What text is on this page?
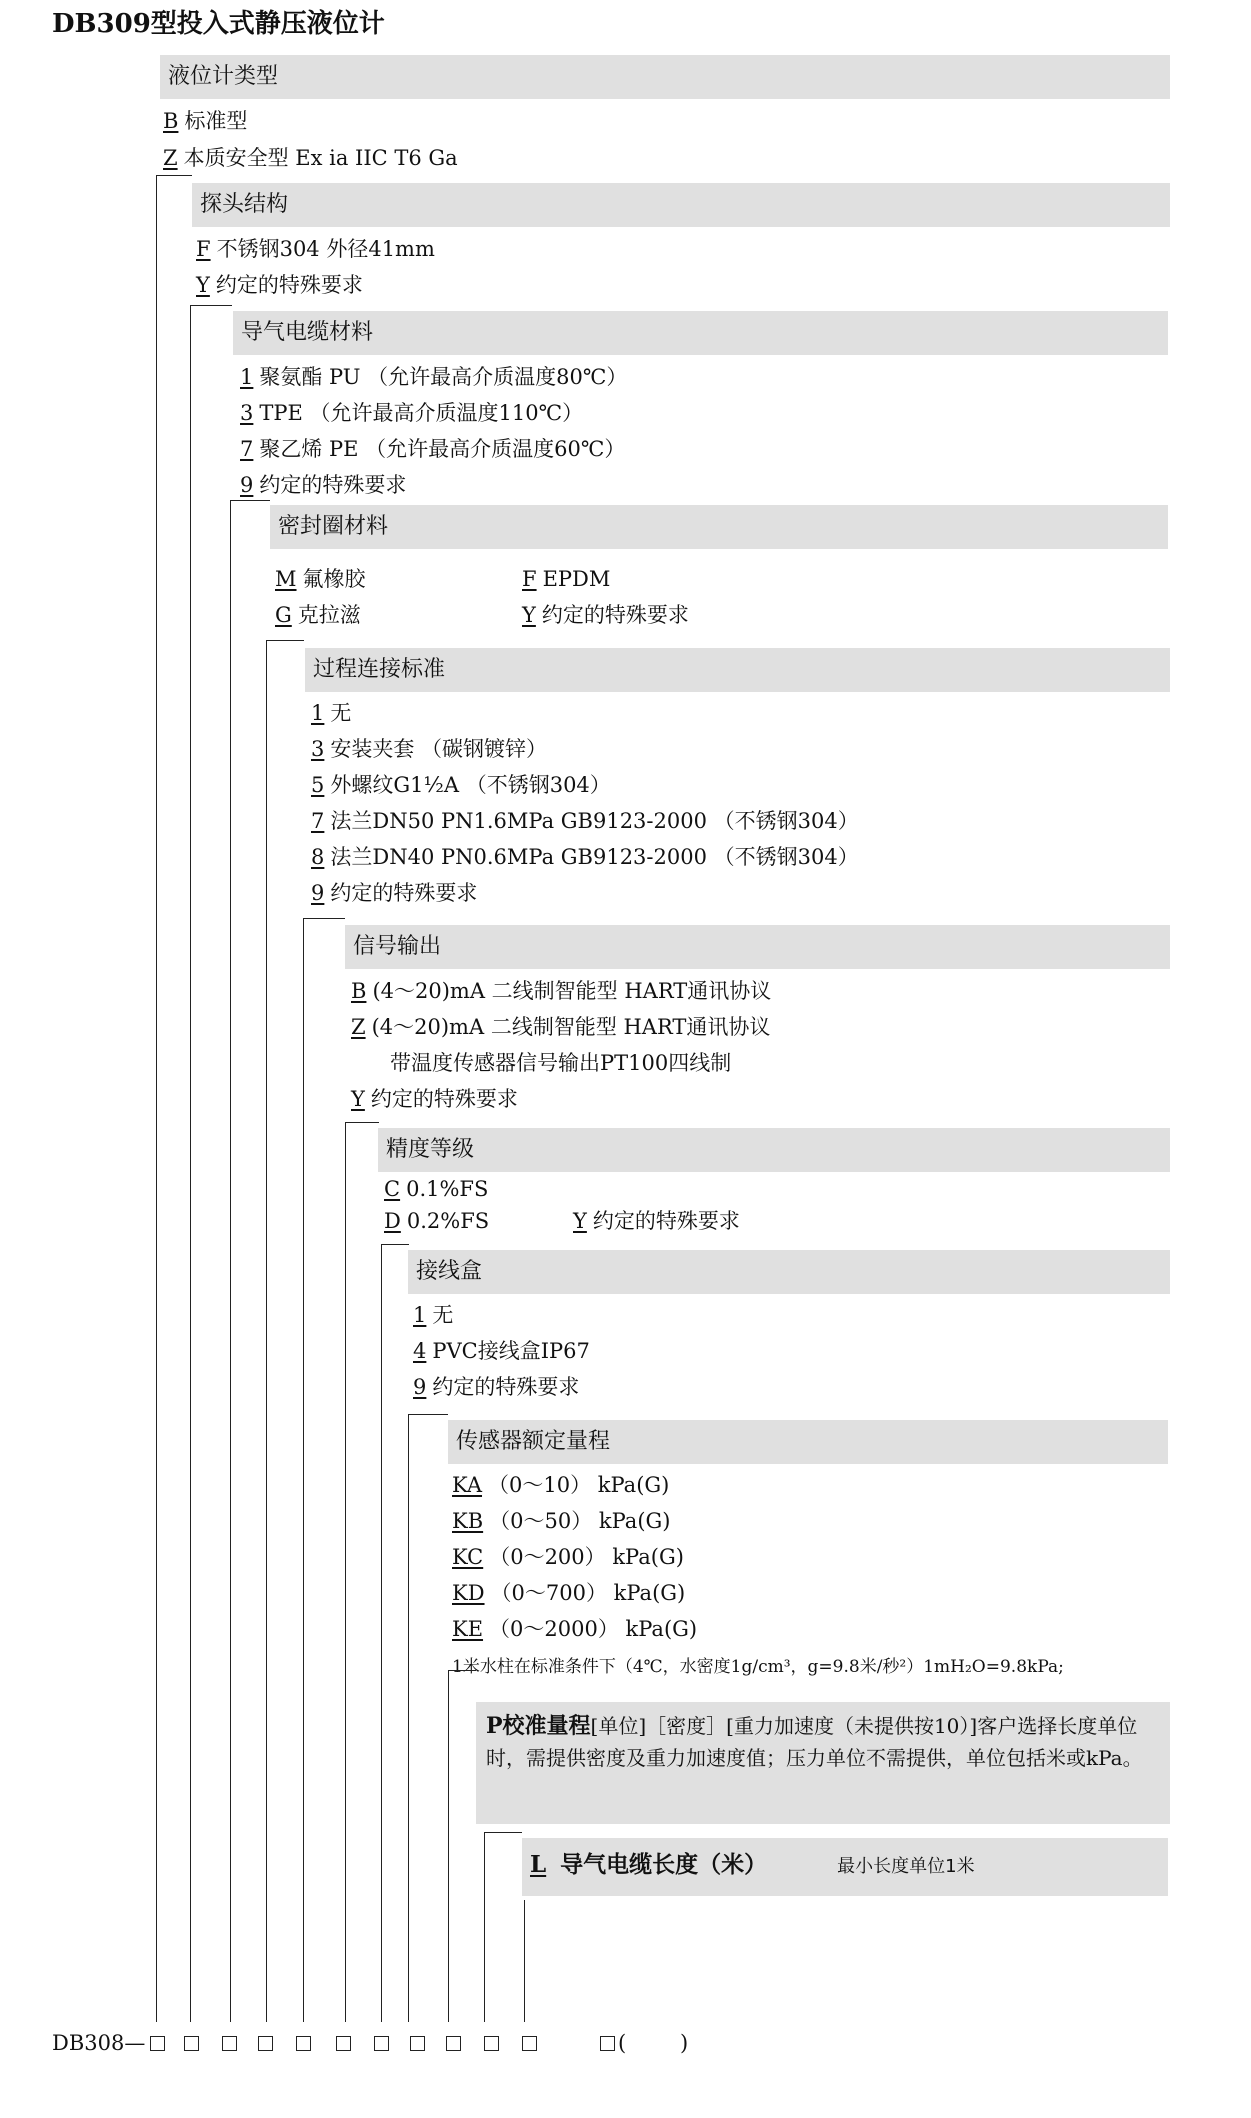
DB309型投入式静压液位计
液位计类型
B 标准型
Z 本质安全型 Ex ia IIC T6 Ga
探头结构
F 不锈钢304 外径41mm
Y 约定的特殊要求
导气电缆材料
1 聚氨酯 PU （允许最高介质温度80℃）
3 TPE （允许最高介质温度110℃）
7 聚乙烯 PE （允许最高介质温度60℃）
9 约定的特殊要求
密封圈材料
M 氟橡胶	F EPDM
G 克拉滋	Y 约定的特殊要求
过程连接标准
1 无
3 安装夹套 （碳钢镀锌）
5 外螺纹G1½A （不锈钢304）
7 法兰DN50 PN1.6MPa GB9123-2000 （不锈钢304）
8 法兰DN40 PN0.6MPa GB9123-2000 （不锈钢304）
9 约定的特殊要求
信号输出
B (4～20)mA 二线制智能型 HART通讯协议
Z (4～20)mA 二线制智能型 HART通讯协议
带温度传感器信号输出PT100四线制
Y 约定的特殊要求
精度等级
C 0.1%FS
D 0.2%FS	Y 约定的特殊要求
接线盒
1 无
4 PVC接线盒IP67
9 约定的特殊要求
传感器额定量程
KA （0～10） kPa(G)
KB （0～50） kPa(G)
KC （0～200） kPa(G)
KD （0～700） kPa(G)
KE （0～2000） kPa(G)
1米水柱在标准条件下（4℃，水密度1g/cm³，g=9.8米/秒²）1mH₂O=9.8kPa;
P校准量程[单位]［密度］[重力加速度（未提供按10）]客户选择长度单位时，需提供密度及重力加速度值；压力单位不需提供，单位包括米或kPa。
L 导气电缆长度（米）	最小长度单位1米
DB308—	(	)
